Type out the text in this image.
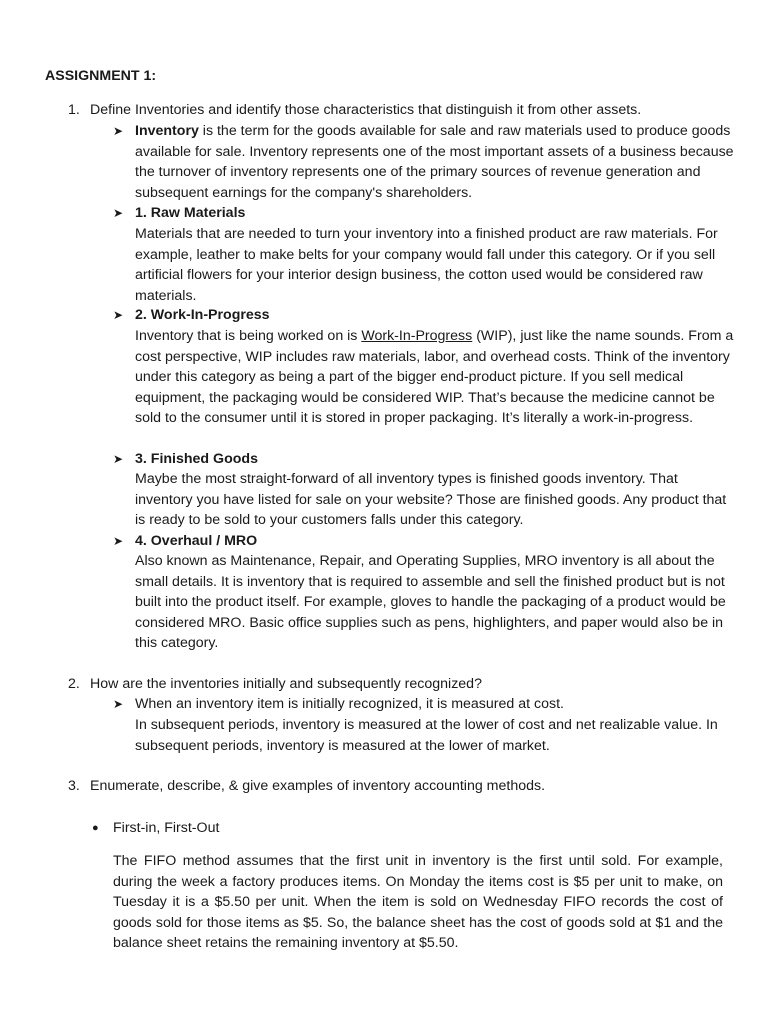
ASSIGNMENT 1:
1. Define Inventories and identify those characteristics that distinguish it from other assets.
➤ Inventory is the term for the goods available for sale and raw materials used to produce goods available for sale. Inventory represents one of the most important assets of a business because the turnover of inventory represents one of the primary sources of revenue generation and subsequent earnings for the company's shareholders.
➤ 1. Raw Materials
Materials that are needed to turn your inventory into a finished product are raw materials. For example, leather to make belts for your company would fall under this category. Or if you sell artificial flowers for your interior design business, the cotton used would be considered raw materials.
➤ 2. Work-In-Progress
Inventory that is being worked on is Work-In-Progress (WIP), just like the name sounds. From a cost perspective, WIP includes raw materials, labor, and overhead costs. Think of the inventory under this category as being a part of the bigger end-product picture. If you sell medical equipment, the packaging would be considered WIP. That’s because the medicine cannot be sold to the consumer until it is stored in proper packaging. It’s literally a work-in-progress.
➤ 3. Finished Goods
Maybe the most straight-forward of all inventory types is finished goods inventory. That inventory you have listed for sale on your website? Those are finished goods. Any product that is ready to be sold to your customers falls under this category.
➤ 4. Overhaul / MRO
Also known as Maintenance, Repair, and Operating Supplies, MRO inventory is all about the small details. It is inventory that is required to assemble and sell the finished product but is not built into the product itself. For example, gloves to handle the packaging of a product would be considered MRO. Basic office supplies such as pens, highlighters, and paper would also be in this category.
2. How are the inventories initially and subsequently recognized?
➤ When an inventory item is initially recognized, it is measured at cost.
In subsequent periods, inventory is measured at the lower of cost and net realizable value. In subsequent periods, inventory is measured at the lower of market.
3. Enumerate, describe, & give examples of inventory accounting methods.
● First-in, First-Out
The FIFO method assumes that the first unit in inventory is the first until sold. For example, during the week a factory produces items. On Monday the items cost is $5 per unit to make, on Tuesday it is a $5.50 per unit. When the item is sold on Wednesday FIFO records the cost of goods sold for those items as $5. So, the balance sheet has the cost of goods sold at $1 and the balance sheet retains the remaining inventory at $5.50.
